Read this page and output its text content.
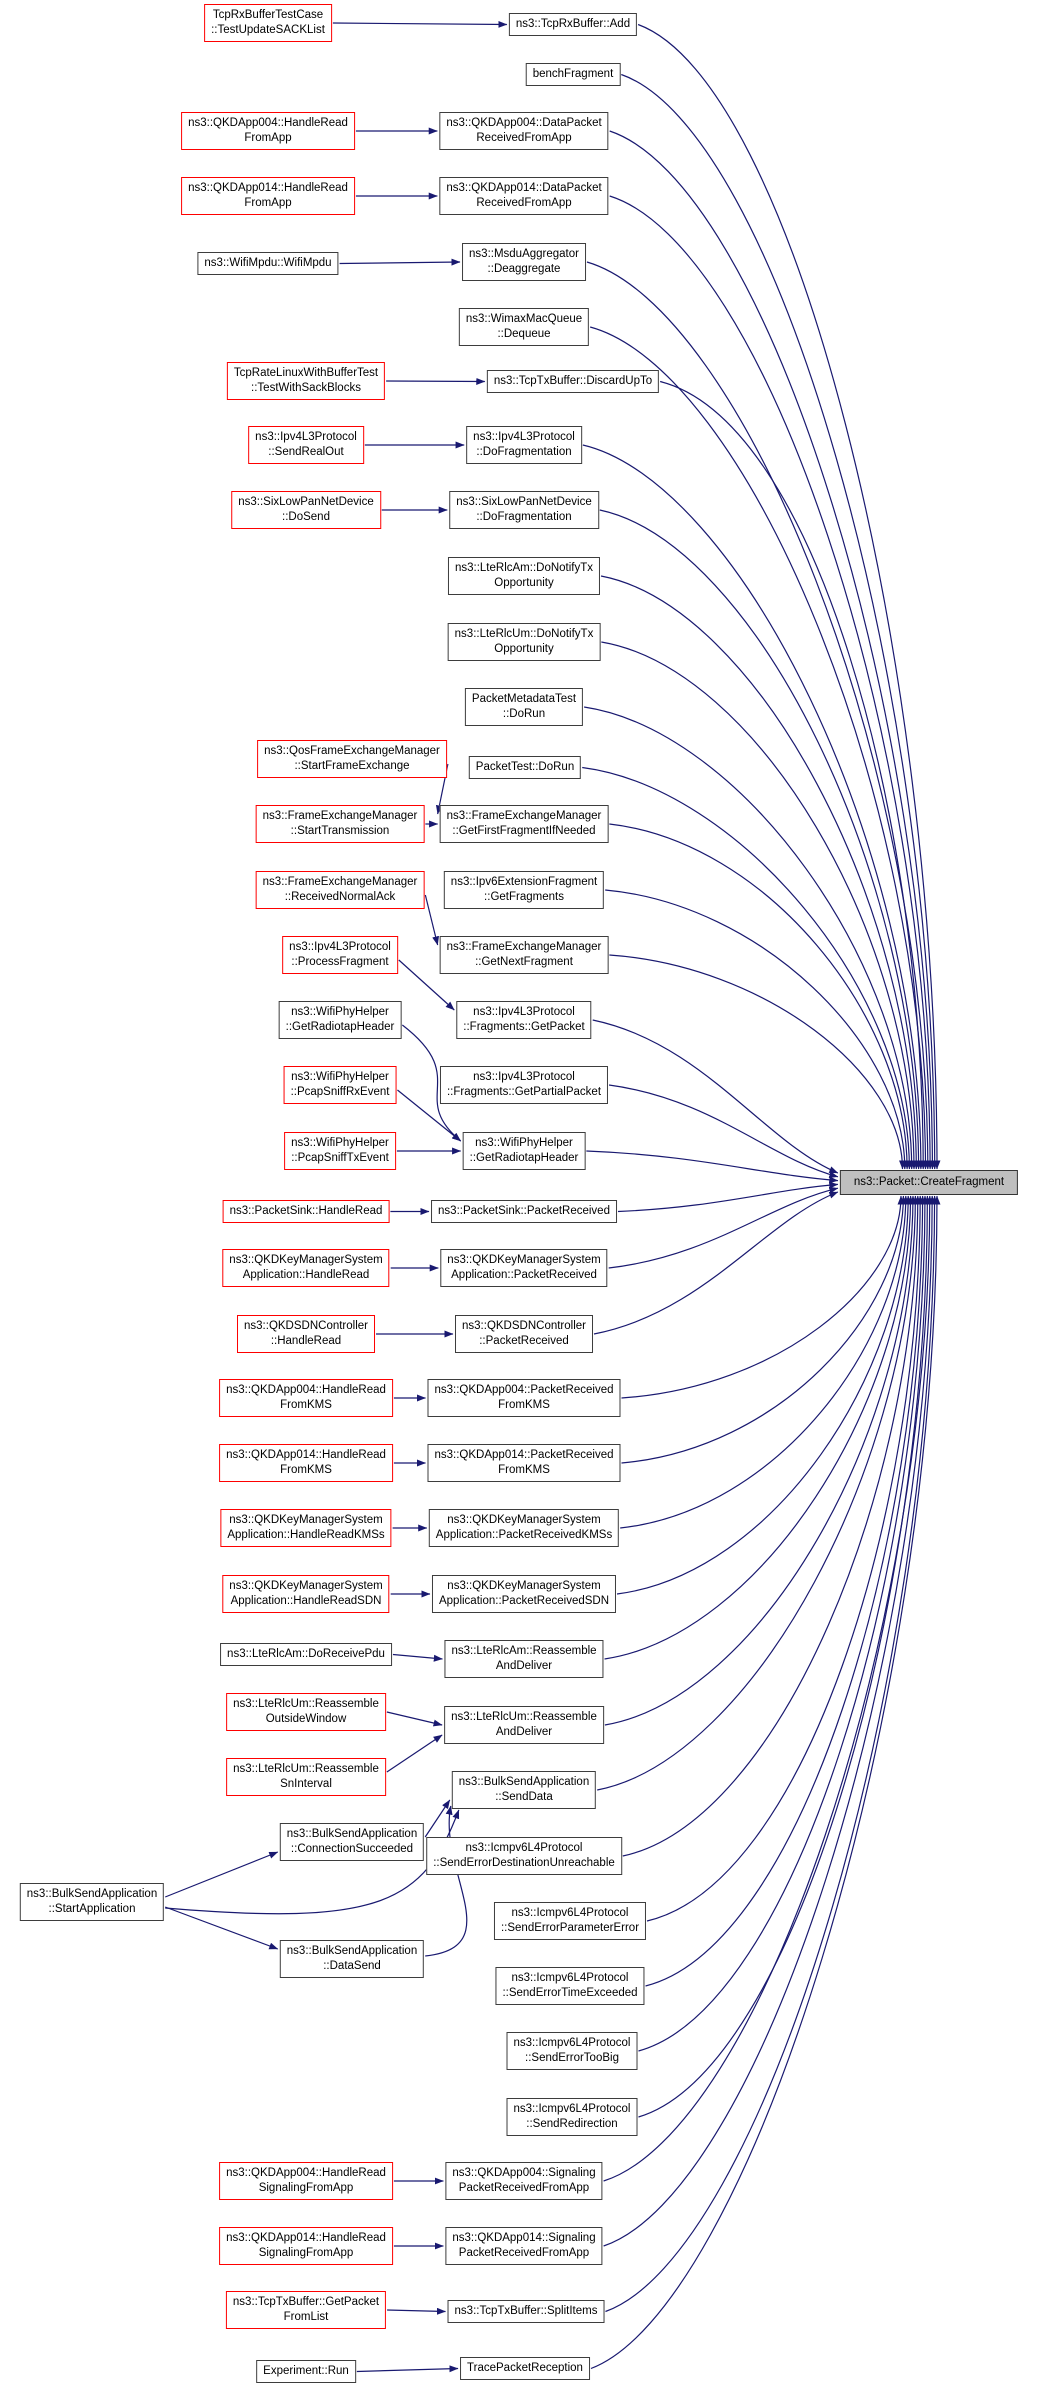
ns3::Packet::CreateFragment
TcpRxBufferTestCase
::TestUpdateSACKList
ns3::QKDApp004::HandleRead
FromApp
ns3::QKDApp014::HandleRead
FromApp
ns3::WifiMpdu::WifiMpdu
TcpRateLinuxWithBufferTest
::TestWithSackBlocks
ns3::Ipv4L3Protocol
::SendRealOut
ns3::SixLowPanNetDevice
::DoSend
ns3::QosFrameExchangeManager
::StartFrameExchange
ns3::FrameExchangeManager
::StartTransmission
ns3::FrameExchangeManager
::ReceivedNormalAck
ns3::Ipv4L3Protocol
::ProcessFragment
ns3::WifiPhyHelper
::GetRadiotapHeader
ns3::WifiPhyHelper
::PcapSniffRxEvent
ns3::WifiPhyHelper
::PcapSniffTxEvent
ns3::PacketSink::HandleRead
ns3::QKDKeyManagerSystem
Application::HandleRead
ns3::QKDSDNController
::HandleRead
ns3::QKDApp004::HandleRead
FromKMS
ns3::QKDApp014::HandleRead
FromKMS
ns3::QKDKeyManagerSystem
Application::HandleReadKMSs
ns3::QKDKeyManagerSystem
Application::HandleReadSDN
ns3::LteRlcAm::DoReceivePdu
ns3::LteRlcUm::Reassemble
OutsideWindow
ns3::LteRlcUm::Reassemble
SnInterval
ns3::BulkSendApplication
::ConnectionSucceeded
ns3::BulkSendApplication
::StartApplication
ns3::BulkSendApplication
::DataSend
ns3::QKDApp004::HandleRead
SignalingFromApp
ns3::QKDApp014::HandleRead
SignalingFromApp
ns3::TcpTxBuffer::GetPacket
FromList
Experiment::Run
ns3::TcpRxBuffer::Add
benchFragment
ns3::QKDApp004::DataPacket
ReceivedFromApp
ns3::QKDApp014::DataPacket
ReceivedFromApp
ns3::MsduAggregator
::Deaggregate
ns3::WimaxMacQueue
::Dequeue
ns3::TcpTxBuffer::DiscardUpTo
ns3::Ipv4L3Protocol
::DoFragmentation
ns3::SixLowPanNetDevice
::DoFragmentation
ns3::LteRlcAm::DoNotifyTx
Opportunity
ns3::LteRlcUm::DoNotifyTx
Opportunity
PacketMetadataTest
::DoRun
PacketTest::DoRun
ns3::FrameExchangeManager
::GetFirstFragmentIfNeeded
ns3::Ipv6ExtensionFragment
::GetFragments
ns3::FrameExchangeManager
::GetNextFragment
ns3::Ipv4L3Protocol
::Fragments::GetPacket
ns3::Ipv4L3Protocol
::Fragments::GetPartialPacket
ns3::WifiPhyHelper
::GetRadiotapHeader
ns3::PacketSink::PacketReceived
ns3::QKDKeyManagerSystem
Application::PacketReceived
ns3::QKDSDNController
::PacketReceived
ns3::QKDApp004::PacketReceived
FromKMS
ns3::QKDApp014::PacketReceived
FromKMS
ns3::QKDKeyManagerSystem
Application::PacketReceivedKMSs
ns3::QKDKeyManagerSystem
Application::PacketReceivedSDN
ns3::LteRlcAm::Reassemble
AndDeliver
ns3::LteRlcUm::Reassemble
AndDeliver
ns3::BulkSendApplication
::SendData
ns3::Icmpv6L4Protocol
::SendErrorDestinationUnreachable
ns3::Icmpv6L4Protocol
::SendErrorParameterError
ns3::Icmpv6L4Protocol
::SendErrorTimeExceeded
ns3::Icmpv6L4Protocol
::SendErrorTooBig
ns3::Icmpv6L4Protocol
::SendRedirection
ns3::QKDApp004::Signaling
PacketReceivedFromApp
ns3::QKDApp014::Signaling
PacketReceivedFromApp
ns3::TcpTxBuffer::SplitItems
TracePacketReception
